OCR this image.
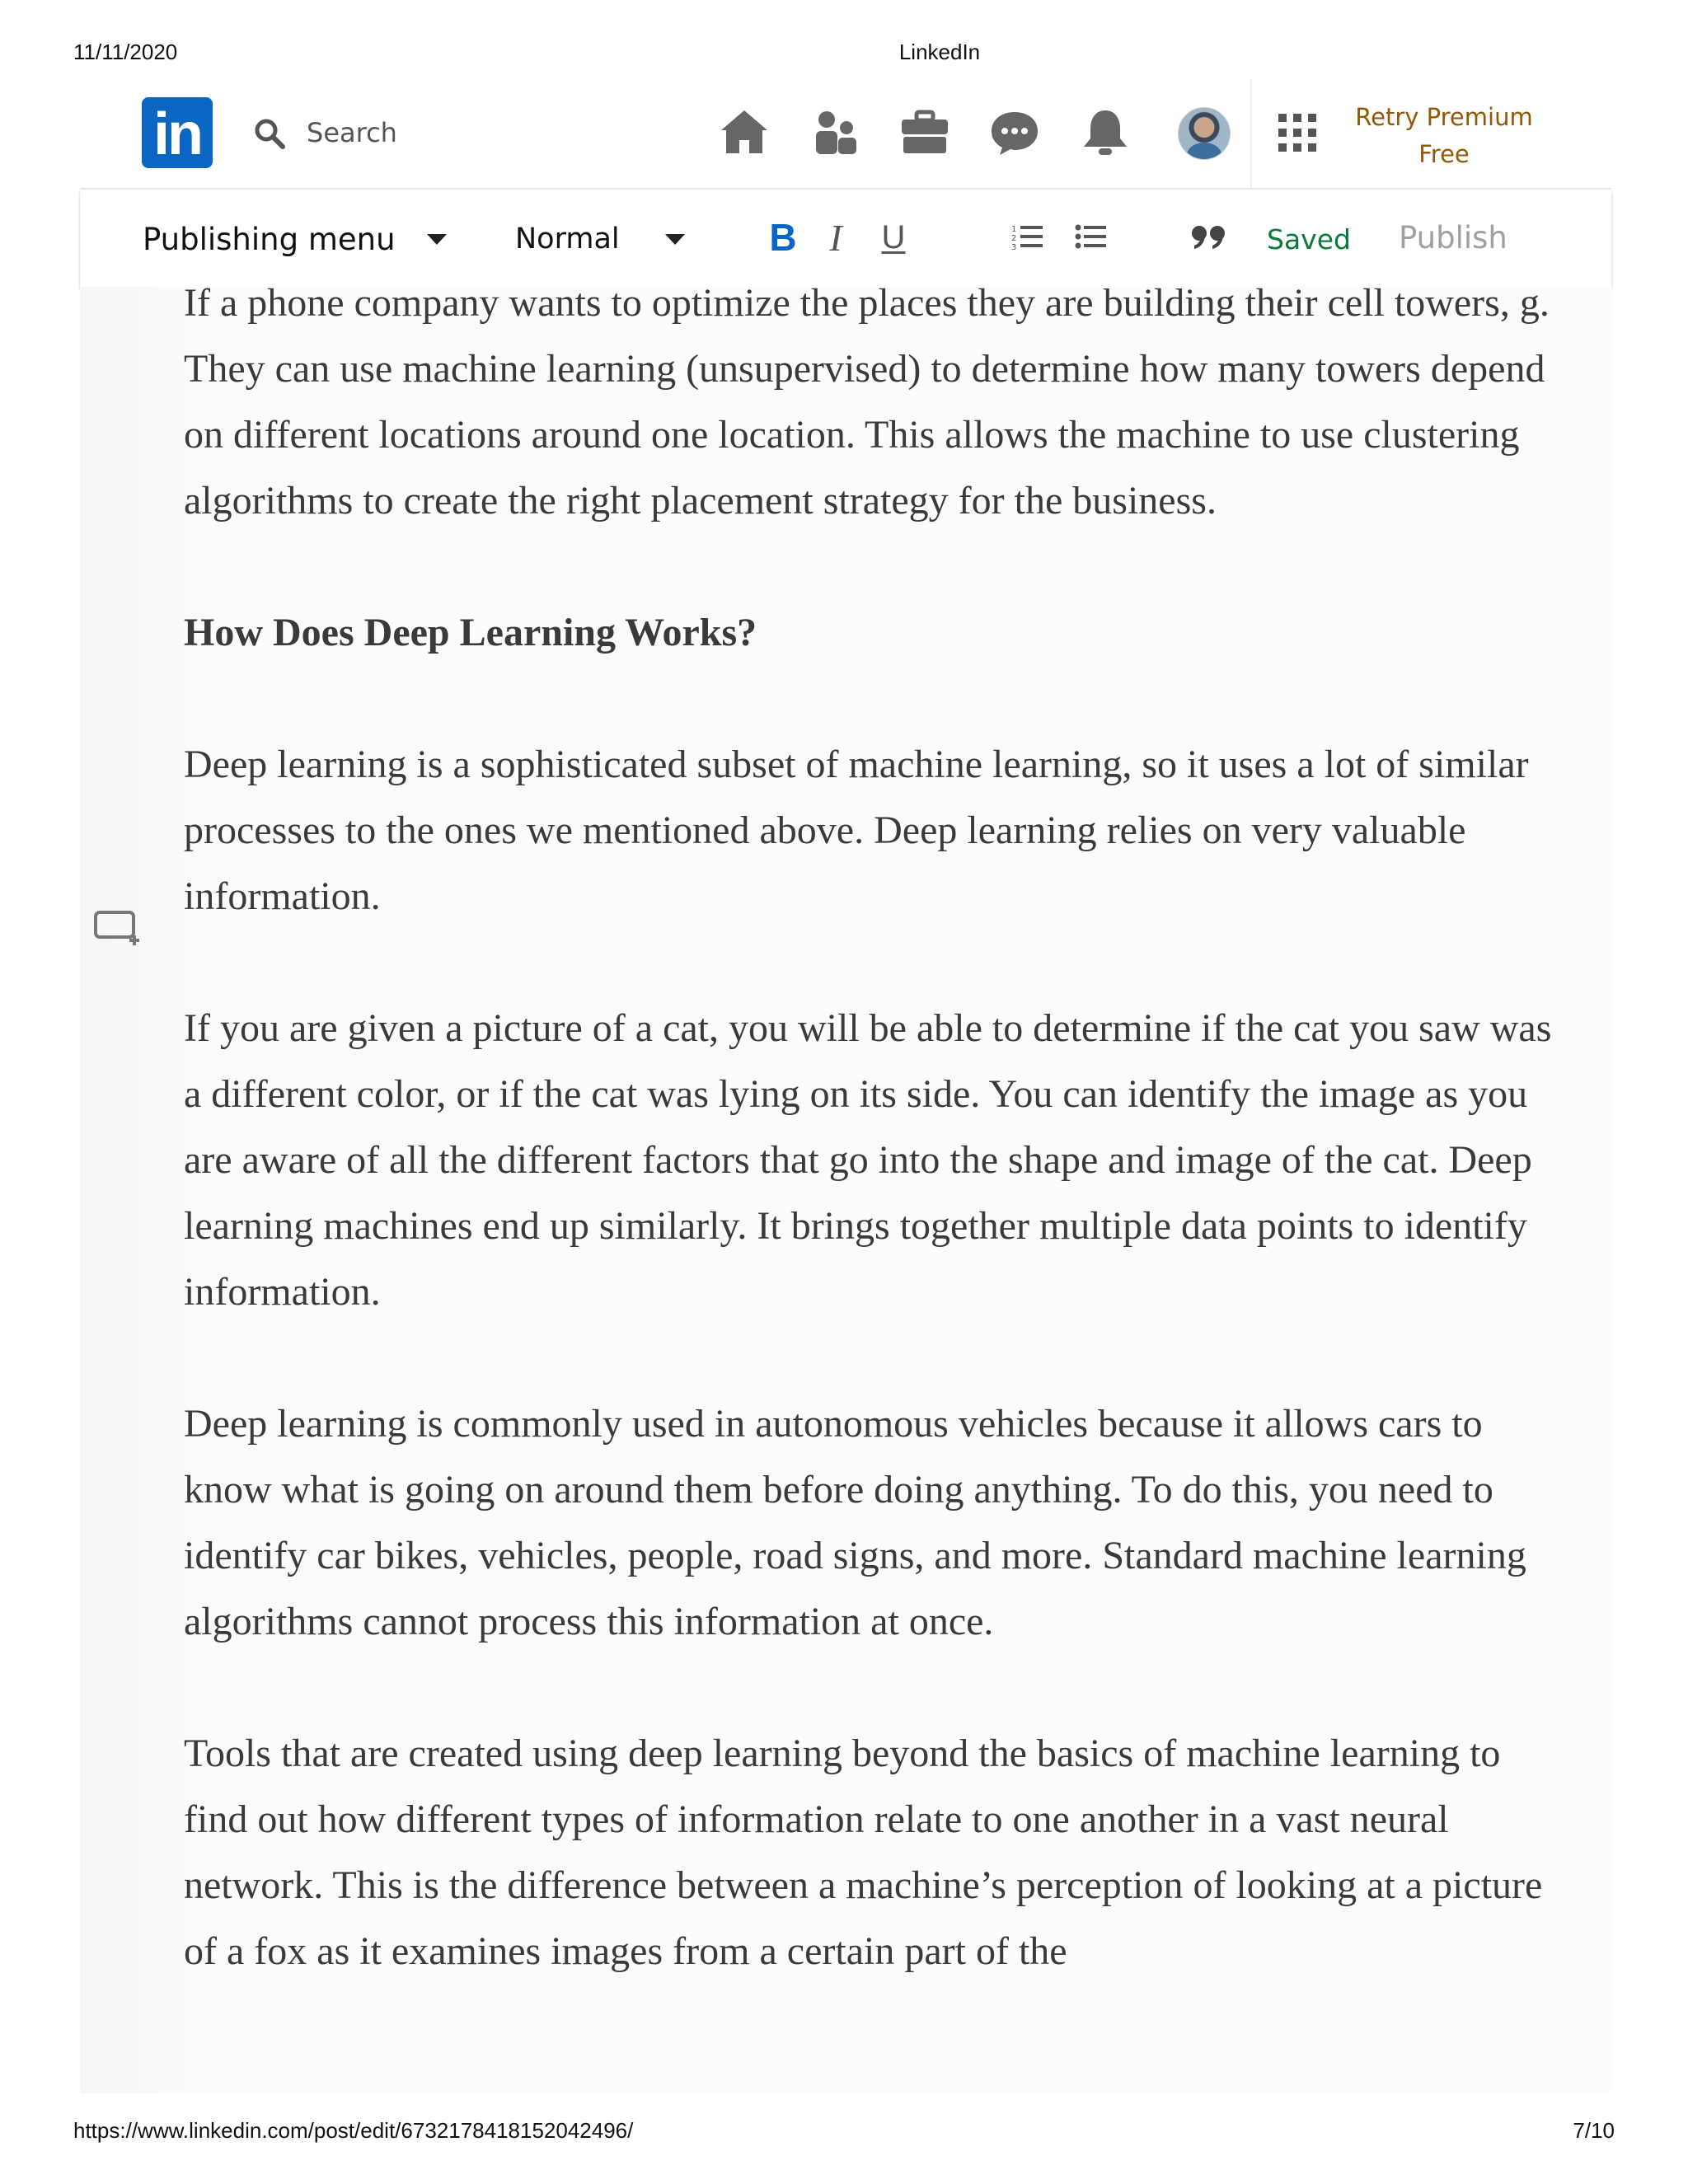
11/11/2020	LinkedIn
in
Search	Retry Premium
Free
Publishing menu	Normal	B I	U	1
2
3	Saved Publish

If a phone company wants to optimize the places they are building their cell towers, g. They can use machine learning (unsupervised) to determine how many towers depend on different locations around one location. This allows the machine to use clustering algorithms to create the right placement strategy for the business.

How Does Deep Learning Works?

Deep learning is a sophisticated subset of machine learning, so it uses a lot of similar processes to the ones we mentioned above. Deep learning relies on very valuable information.

If you are given a picture of a cat, you will be able to determine if the cat you saw was a different color, or if the cat was lying on its side. You can identify the image as you are aware of all the different factors that go into the shape and image of the cat. Deep learning machines end up similarly. It brings together multiple data points to identify information.

Deep learning is commonly used in autonomous vehicles because it allows cars to know what is going on around them before doing anything. To do this, you need to identify car bikes, vehicles, people, road signs, and more. Standard machine learning algorithms cannot process this information at once.

Tools that are created using deep learning beyond the basics of machine learning to find out how different types of information relate to one another in a vast neural network. This is the difference between a machine’s perception of looking at a picture of a fox as it examines images from a certain part of the

https://www.linkedin.com/post/edit/6732178418152042496/	7/10
